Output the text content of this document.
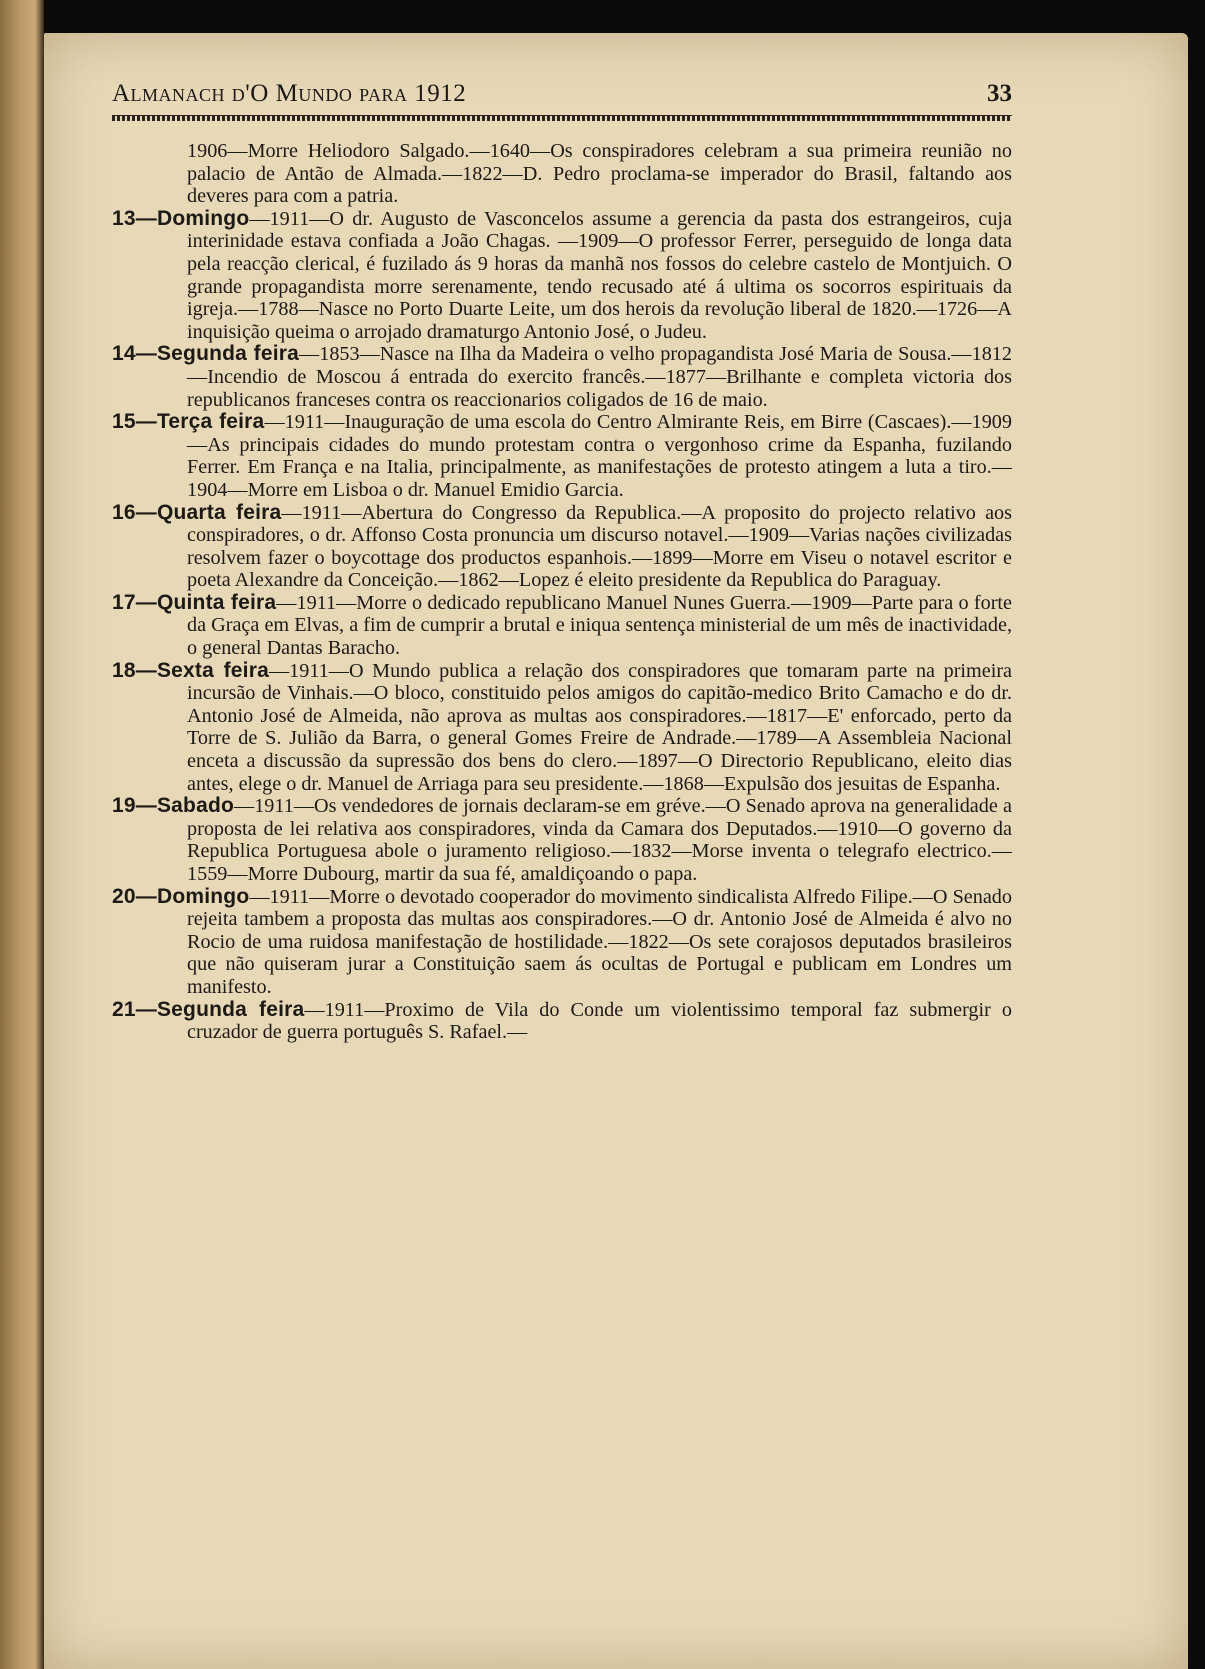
Almanach d'O Mundo para 1912	33

1906—Morre Heliodoro Salgado.—1640—Os conspiradores celebram a sua primeira reunião no palacio de Antão de Almada.—1822—D. Pedro proclama-se imperador do Brasil, faltando aos deveres para com a patria.

13—Domingo—1911—O dr. Augusto de Vasconcelos assume a gerencia da pasta dos estrangeiros, cuja interinidade estava confiada a João Chagas. —1909—O professor Ferrer, perseguido de longa data pela reacção clerical, é fuzilado ás 9 horas da manhã nos fossos do celebre castelo de Montjuich. O grande propagandista morre serenamente, tendo recusado até á ultima os socorros espirituais da igreja.—1788—Nasce no Porto Duarte Leite, um dos herois da revolução liberal de 1820.—1726—A inquisição queima o arrojado dramaturgo Antonio José, o Judeu.

14—Segunda feira—1853—Nasce na Ilha da Madeira o velho propagandista José Maria de Sousa.—1812—Incendio de Moscou á entrada do exercito francês.—1877—Brilhante e completa victoria dos republicanos franceses contra os reaccionarios coligados de 16 de maio.

15—Terça feira—1911—Inauguração de uma escola do Centro Almirante Reis, em Birre (Cascaes).—1909—As principais cidades do mundo protestam contra o vergonhoso crime da Espanha, fuzilando Ferrer. Em França e na Italia, principalmente, as manifestações de protesto atingem a luta a tiro.—1904—Morre em Lisboa o dr. Manuel Emidio Garcia.

16—Quarta feira—1911—Abertura do Congresso da Republica.—A proposito do projecto relativo aos conspiradores, o dr. Affonso Costa pronuncia um discurso notavel.—1909—Varias nações civilizadas resolvem fazer o boycottage dos productos espanhois.—1899—Morre em Viseu o notavel escritor e poeta Alexandre da Conceição.—1862—Lopez é eleito presidente da Republica do Paraguay.

17—Quinta feira—1911—Morre o dedicado republicano Manuel Nunes Guerra.—1909—Parte para o forte da Graça em Elvas, a fim de cumprir a brutal e iniqua sentença ministerial de um mês de inactividade, o general Dantas Baracho.

18—Sexta feira—1911—O Mundo publica a relação dos conspiradores que tomaram parte na primeira incursão de Vinhais.—O bloco, constituido pelos amigos do capitão-medico Brito Camacho e do dr. Antonio José de Almeida, não aprova as multas aos conspiradores.—1817—E' enforcado, perto da Torre de S. Julião da Barra, o general Gomes Freire de Andrade.—1789—A Assembleia Nacional enceta a discussão da supressão dos bens do clero.—1897—O Directorio Republicano, eleito dias antes, elege o dr. Manuel de Arriaga para seu presidente.—1868—Expulsão dos jesuitas de Espanha.

19—Sabado—1911—Os vendedores de jornais declaram-se em gréve.—O Senado aprova na generalidade a proposta de lei relativa aos conspiradores, vinda da Camara dos Deputados.—1910—O governo da Republica Portuguesa abole o juramento religioso.—1832—Morse inventa o telegrafo electrico.—1559—Morre Dubourg, martir da sua fé, amaldiçoando o papa.

20—Domingo—1911—Morre o devotado cooperador do movimento sindicalista Alfredo Filipe.—O Senado rejeita tambem a proposta das multas aos conspiradores.—O dr. Antonio José de Almeida é alvo no Rocio de uma ruidosa manifestação de hostilidade.—1822—Os sete corajosos deputados brasileiros que não quiseram jurar a Constituição saem ás ocultas de Portugal e publicam em Londres um manifesto.

21—Segunda feira—1911—Proximo de Vila do Conde um violentissimo temporal faz submergir o cruzador de guerra português S. Rafael.—
